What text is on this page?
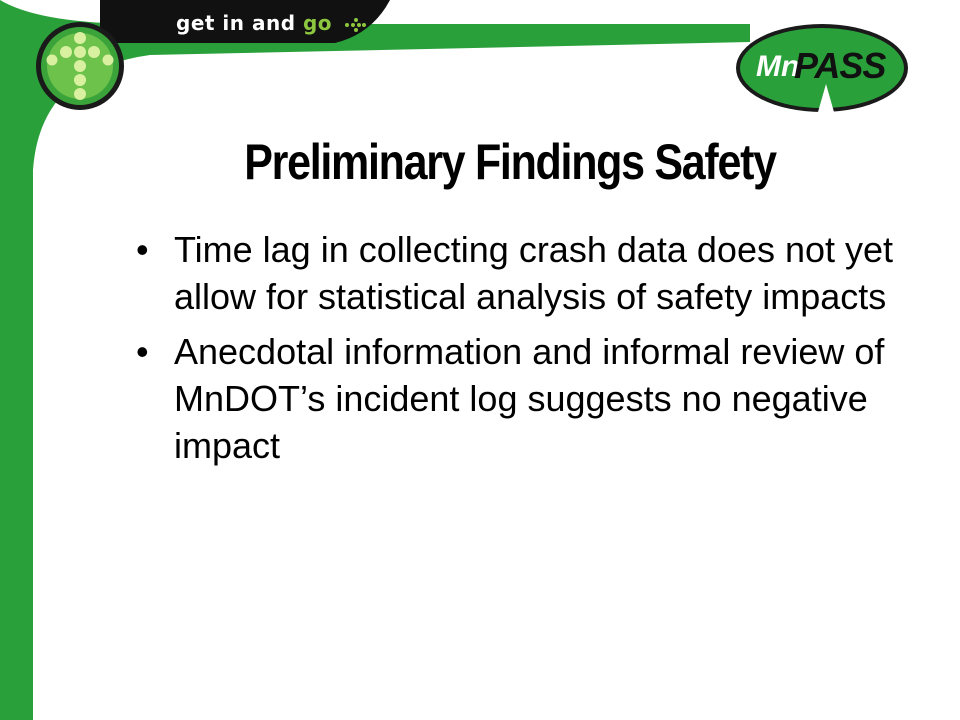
get in and go
Mn
PASS
Preliminary Findings Safety
• Time lag in collecting crash data does not yet allow for statistical analysis of safety impacts
• Anecdotal information and informal review of MnDOT’s incident log suggests no negative impact
